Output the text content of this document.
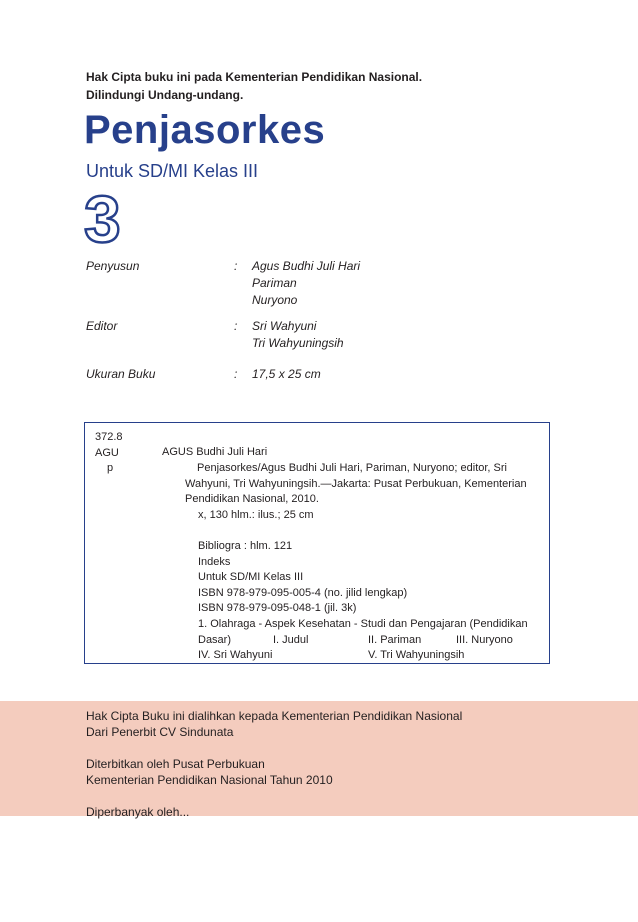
Hak Cipta buku ini pada Kementerian Pendidikan Nasional.
Dilindungi Undang-undang.
Penjasorkes
Untuk SD/MI Kelas III
3
Penyusun	: Agus Budhi Juli Hari
Pariman
Nuryono
Editor	: Sri Wahyuni
Tri Wahyuningsih
Ukuran Buku	: 17,5 x 25 cm
372.8
AGU
p
AGUS Budhi Juli Hari
Penjasorkes/Agus Budhi Juli Hari, Pariman, Nuryono; editor, Sri
Wahyuni, Tri Wahyuningsih.—Jakarta: Pusat Perbukuan, Kementerian
Pendidikan Nasional, 2010.
x, 130 hlm.: ilus.; 25 cm
Bibliogra : hlm. 121
Indeks
Untuk SD/MI Kelas III
ISBN 978-979-095-005-4 (no. jilid lengkap)
ISBN 978-979-095-048-1 (jil. 3k)
1. Olahraga - Aspek Kesehatan - Studi dan Pengajaran (Pendidikan
Dasar)	I. Judul	II. Pariman	III. Nuryono
IV. Sri Wahyuni	V. Tri Wahyuningsih
Hak Cipta Buku ini dialihkan kepada Kementerian Pendidikan Nasional
Dari Penerbit CV Sindunata
Diterbitkan oleh Pusat Perbukuan
Kementerian Pendidikan Nasional Tahun 2010
Diperbanyak oleh...
